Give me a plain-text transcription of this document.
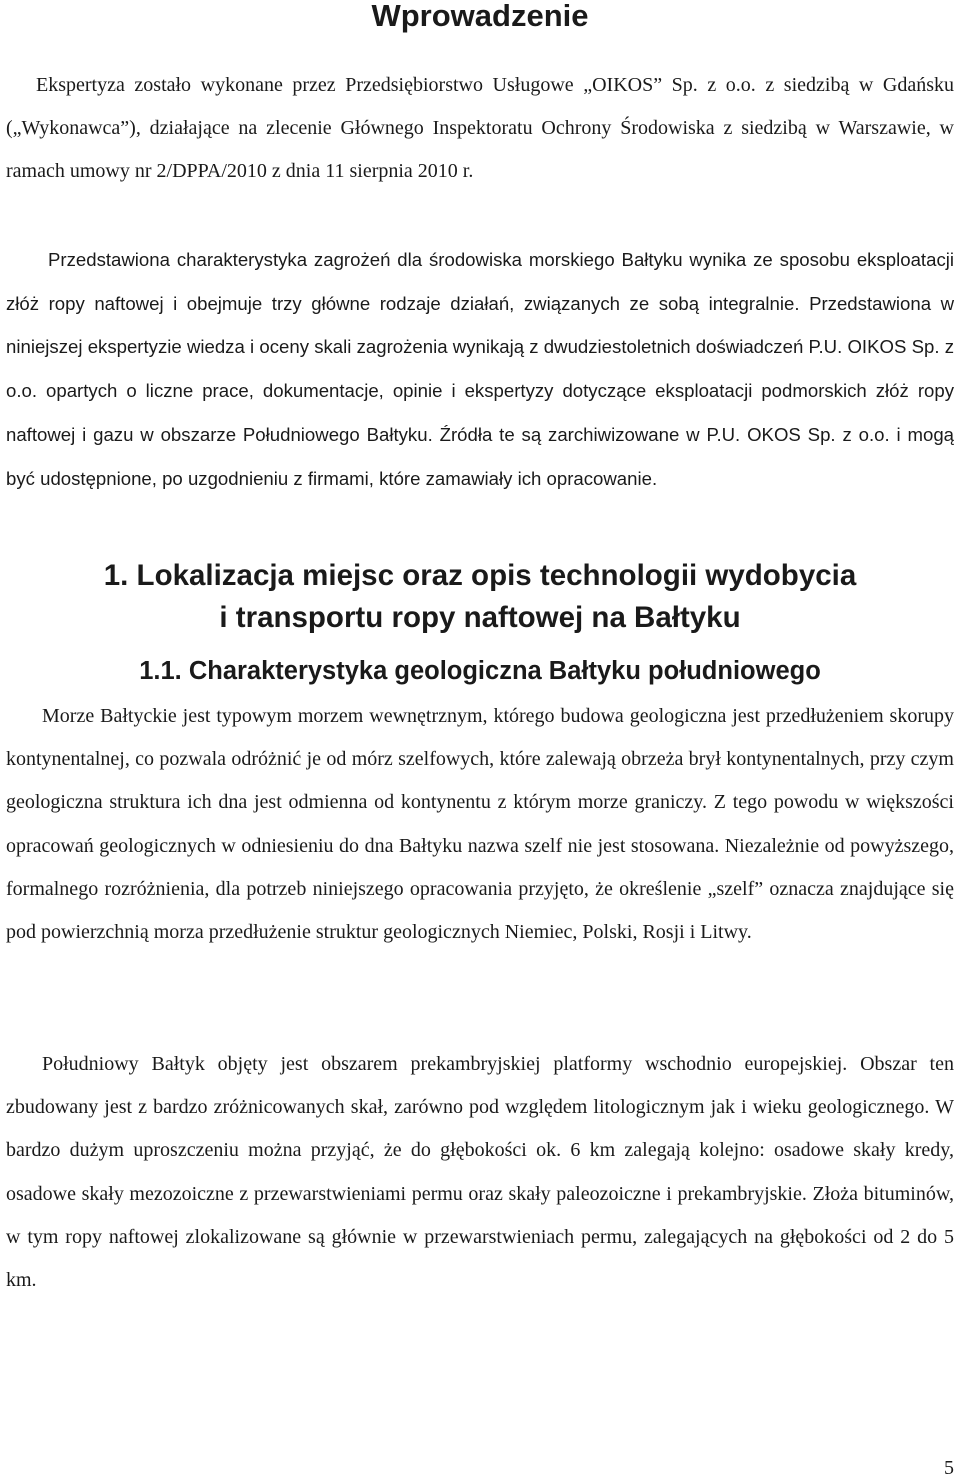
Wprowadzenie

Ekspertyza zostało wykonane przez Przedsiębiorstwo Usługowe „OIKOS” Sp. z o.o. z siedzibą w Gdańsku („Wykonawca”), działające na zlecenie Głównego Inspektoratu Ochrony Środowiska z siedzibą w Warszawie, w ramach umowy nr 2/DPPA/2010 z dnia 11 sierpnia 2010 r.

Przedstawiona charakterystyka zagrożeń dla środowiska morskiego Bałtyku wynika ze sposobu eksploatacji złóż ropy naftowej i obejmuje trzy główne rodzaje działań, związanych ze sobą integralnie. Przedstawiona w niniejszej ekspertyzie wiedza i oceny skali zagrożenia wynikają z dwudziestoletnich doświadczeń P.U. OIKOS Sp. z o.o. opartych o liczne prace, dokumentacje, opinie i ekspertyzy dotyczące eksploatacji podmorskich złóż ropy naftowej i gazu w obszarze Południowego Bałtyku. Źródła te są zarchiwizowane w P.U. OKOS Sp. z o.o. i mogą być udostępnione, po uzgodnieniu z firmami, które zamawiały ich opracowanie.

1. Lokalizacja miejsc oraz opis technologii wydobycia
i transportu ropy naftowej na Bałtyku
1.1. Charakterystyka geologiczna Bałtyku południowego

Morze Bałtyckie jest typowym morzem wewnętrznym, którego budowa geologiczna jest przedłużeniem skorupy kontynentalnej, co pozwala odróżnić je od mórz szelfowych, które zalewają obrzeża brył kontynentalnych, przy czym geologiczna struktura ich dna jest odmienna od kontynentu z którym morze graniczy. Z tego powodu w większości opracowań geologicznych w odniesieniu do dna Bałtyku nazwa szelf nie jest stosowana. Niezależnie od powyższego, formalnego rozróżnienia, dla potrzeb niniejszego opracowania przyjęto, że określenie „szelf” oznacza znajdujące się pod powierzchnią morza przedłużenie struktur geologicznych Niemiec, Polski, Rosji i Litwy.

Południowy Bałtyk objęty jest obszarem prekambryjskiej platformy wschodnio europejskiej. Obszar ten zbudowany jest z bardzo zróżnicowanych skał, zarówno pod względem litologicznym jak i wieku geologicznego. W bardzo dużym uproszczeniu można przyjąć, że do głębokości ok. 6 km zalegają kolejno: osadowe skały kredy, osadowe skały mezozoiczne z przewarstwieniami permu oraz skały paleozoiczne i prekambryjskie. Złoża bituminów, w tym ropy naftowej zlokalizowane są głównie w przewarstwieniach permu, zalegających na głębokości od 2 do 5 km.

5
